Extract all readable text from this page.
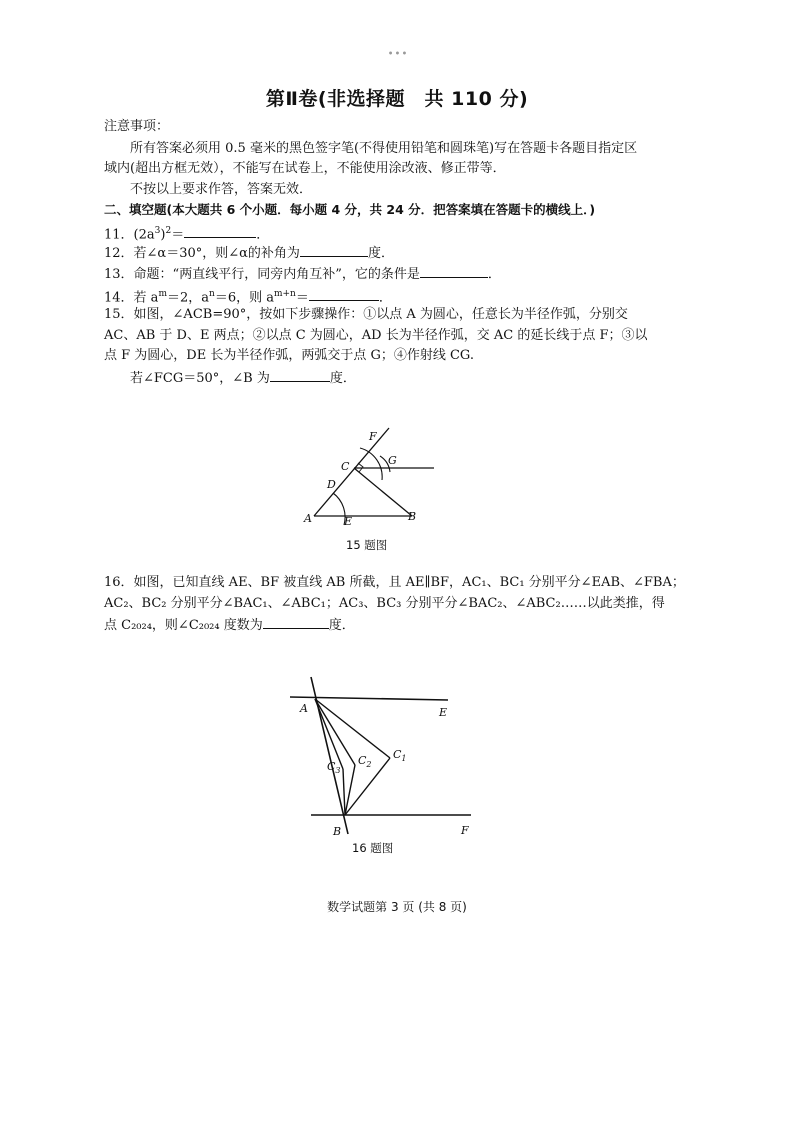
•••
第Ⅱ卷(非选择题　共 110 分)
注意事项：
所有答案必须用 0.5 毫米的黑色签字笔(不得使用铅笔和圆珠笔)写在答题卡各题目指定区
域内(超出方框无效），不能写在试卷上，不能使用涂改液、修正带等．
不按以上要求作答，答案无效．
二、填空题(本大题共 6 个小题．每小题 4 分，共 24 分．把答案填在答题卡的横线上．)
11．$(2a^3)^2=$	．
12．若∠α＝30°，则∠α的补角为	度．
13．命题：“两直线平行，同旁内角互补”，它的条件是	．
14．若 $a^m=2$，$a^n=6$，则 $a^{m+n}=$	．
15．如图，∠ACB=90°，按如下步骤操作：①以点 A 为圆心，任意长为半径作弧，分别交
AC、AB 于 D、E 两点；②以点 C 为圆心，AD 长为半径作弧，交 AC 的延长线于点 F；③以
点 F 为圆心，DE 长为半径作弧，两弧交于点 G；④作射线 CG.
若∠FCG＝50°，∠B 为	度．
A	B
C
D
E
F
G
15 题图
16．如图，已知直线 AE、BF 被直线 AB 所截，且 AE∥BF，AC₁、BC₁ 分别平分∠EAB、∠FBA；
AC₂、BC₂ 分别平分∠BAC₁、∠ABC₁；AC₃、BC₃ 分别平分∠BAC₂、∠ABC₂……以此类推，得
点 C₂₀₂₄，则∠C₂₀₂₄ 度数为	度．
A	E
B	F
$C_1$
$C_2$
$C_3$
16 题图
数学试题第 3 页 (共 8 页)
